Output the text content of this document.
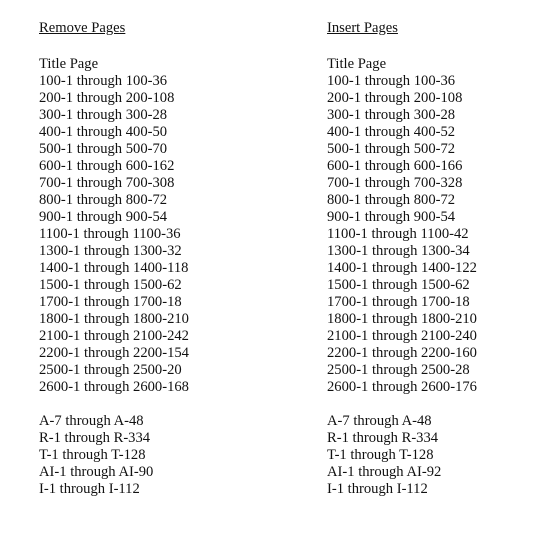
Remove Pages
Title Page
100-1 through 100-36
200-1 through 200-108
300-1 through 300-28
400-1 through 400-50
500-1 through 500-70
600-1 through 600-162
700-1 through 700-308
800-1 through 800-72
900-1 through 900-54
1100-1 through 1100-36
1300-1 through 1300-32
1400-1 through 1400-118
1500-1 through 1500-62
1700-1 through 1700-18
1800-1 through 1800-210
2100-1 through 2100-242
2200-1 through 2200-154
2500-1 through 2500-20
2600-1 through 2600-168
A-7 through A-48
R-1 through R-334
T-1 through T-128
AI-1 through AI-90
I-1 through I-112
Insert Pages
Title Page
100-1 through 100-36
200-1 through 200-108
300-1 through 300-28
400-1 through 400-52
500-1 through 500-72
600-1 through 600-166
700-1 through 700-328
800-1 through 800-72
900-1 through 900-54
1100-1 through 1100-42
1300-1 through 1300-34
1400-1 through 1400-122
1500-1 through 1500-62
1700-1 through 1700-18
1800-1 through 1800-210
2100-1 through 2100-240
2200-1 through 2200-160
2500-1 through 2500-28
2600-1 through 2600-176
A-7 through A-48
R-1 through R-334
T-1 through T-128
AI-1 through AI-92
I-1 through I-112
